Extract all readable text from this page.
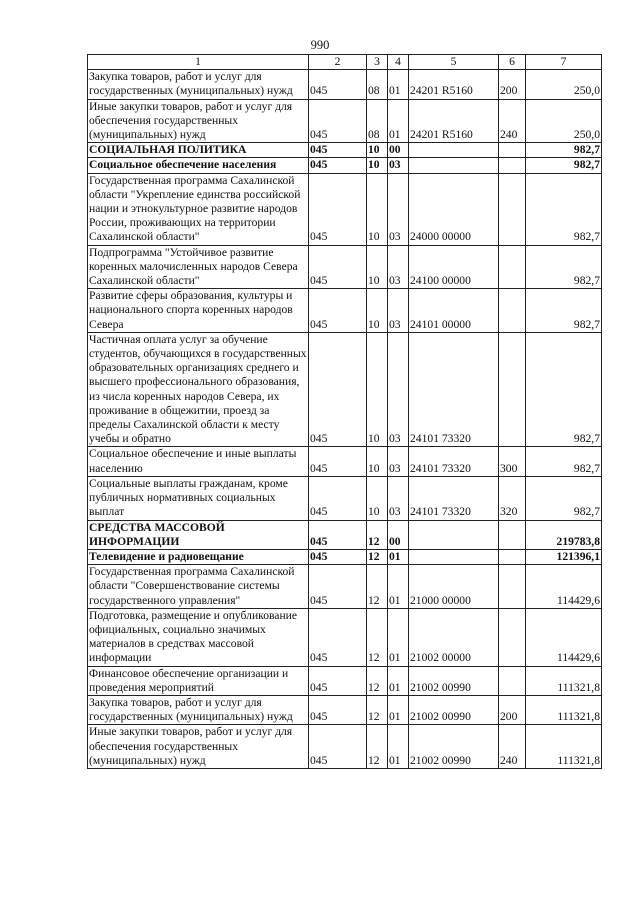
990
1	2	3	4	5	6	7
Закупка товаров, работ и услуг для государственных (муниципальных) нужд	045	08	01	24201 R5160	200	250,0
Иные закупки товаров, работ и услуг для обеспечения государственных (муниципальных) нужд	045	08	01	24201 R5160	240	250,0
СОЦИАЛЬНАЯ ПОЛИТИКА	045	10	00			982,7
Социальное обеспечение населения	045	10	03			982,7
Государственная программа Сахалинской области "Укрепление единства российской нации и этнокультурное развитие народов России, проживающих на территории Сахалинской области"	045	10	03	24000 00000		982,7
Подпрограмма "Устойчивое развитие коренных малочисленных народов Севера Сахалинской области"	045	10	03	24100 00000		982,7
Развитие сферы образования, культуры и национального спорта коренных народов Севера	045	10	03	24101 00000		982,7
Частичная оплата услуг за обучение студентов, обучающихся в государственных образовательных организациях среднего и высшего профессионального образования, из числа коренных народов Севера, их проживание в общежитии, проезд за пределы Сахалинской области к месту учебы и обратно	045	10	03	24101 73320		982,7
Социальное обеспечение и иные выплаты населению	045	10	03	24101 73320	300	982,7
Социальные выплаты гражданам, кроме публичных нормативных социальных выплат	045	10	03	24101 73320	320	982,7
СРЕДСТВА МАССОВОЙ ИНФОРМАЦИИ	045	12	00			219783,8
Телевидение и радиовещание	045	12	01			121396,1
Государственная программа Сахалинской области "Совершенствование системы государственного управления"	045	12	01	21000 00000		114429,6
Подготовка, размещение и опубликование официальных, социально значимых материалов в средствах массовой информации	045	12	01	21002 00000		114429,6
Финансовое обеспечение организации и проведения мероприятий	045	12	01	21002 00990		111321,8
Закупка товаров, работ и услуг для государственных (муниципальных) нужд	045	12	01	21002 00990	200	111321,8
Иные закупки товаров, работ и услуг для обеспечения государственных (муниципальных) нужд	045	12	01	21002 00990	240	111321,8
